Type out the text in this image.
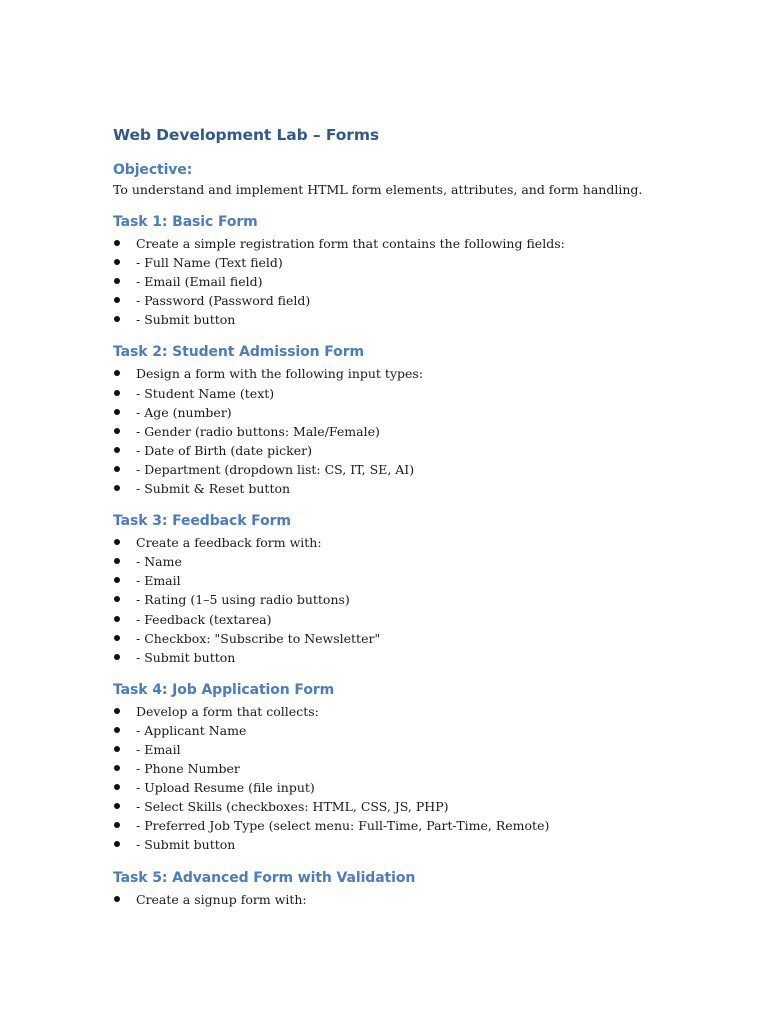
Web Development Lab – Forms
Objective:

To understand and implement HTML form elements, attributes, and form handling.

Task 1: Basic Form
Create a simple registration form that contains the following fields:
- Full Name (Text field)
- Email (Email field)
- Password (Password field)
- Submit button
Task 2: Student Admission Form
Design a form with the following input types:
- Student Name (text)
- Age (number)
- Gender (radio buttons: Male/Female)
- Date of Birth (date picker)
- Department (dropdown list: CS, IT, SE, AI)
- Submit & Reset button
Task 3: Feedback Form
Create a feedback form with:
- Name
- Email
- Rating (1–5 using radio buttons)
- Feedback (textarea)
- Checkbox: "Subscribe to Newsletter"
- Submit button
Task 4: Job Application Form
Develop a form that collects:
- Applicant Name
- Email
- Phone Number
- Upload Resume (file input)
- Select Skills (checkboxes: HTML, CSS, JS, PHP)
- Preferred Job Type (select menu: Full-Time, Part-Time, Remote)
- Submit button
Task 5: Advanced Form with Validation
Create a signup form with:
